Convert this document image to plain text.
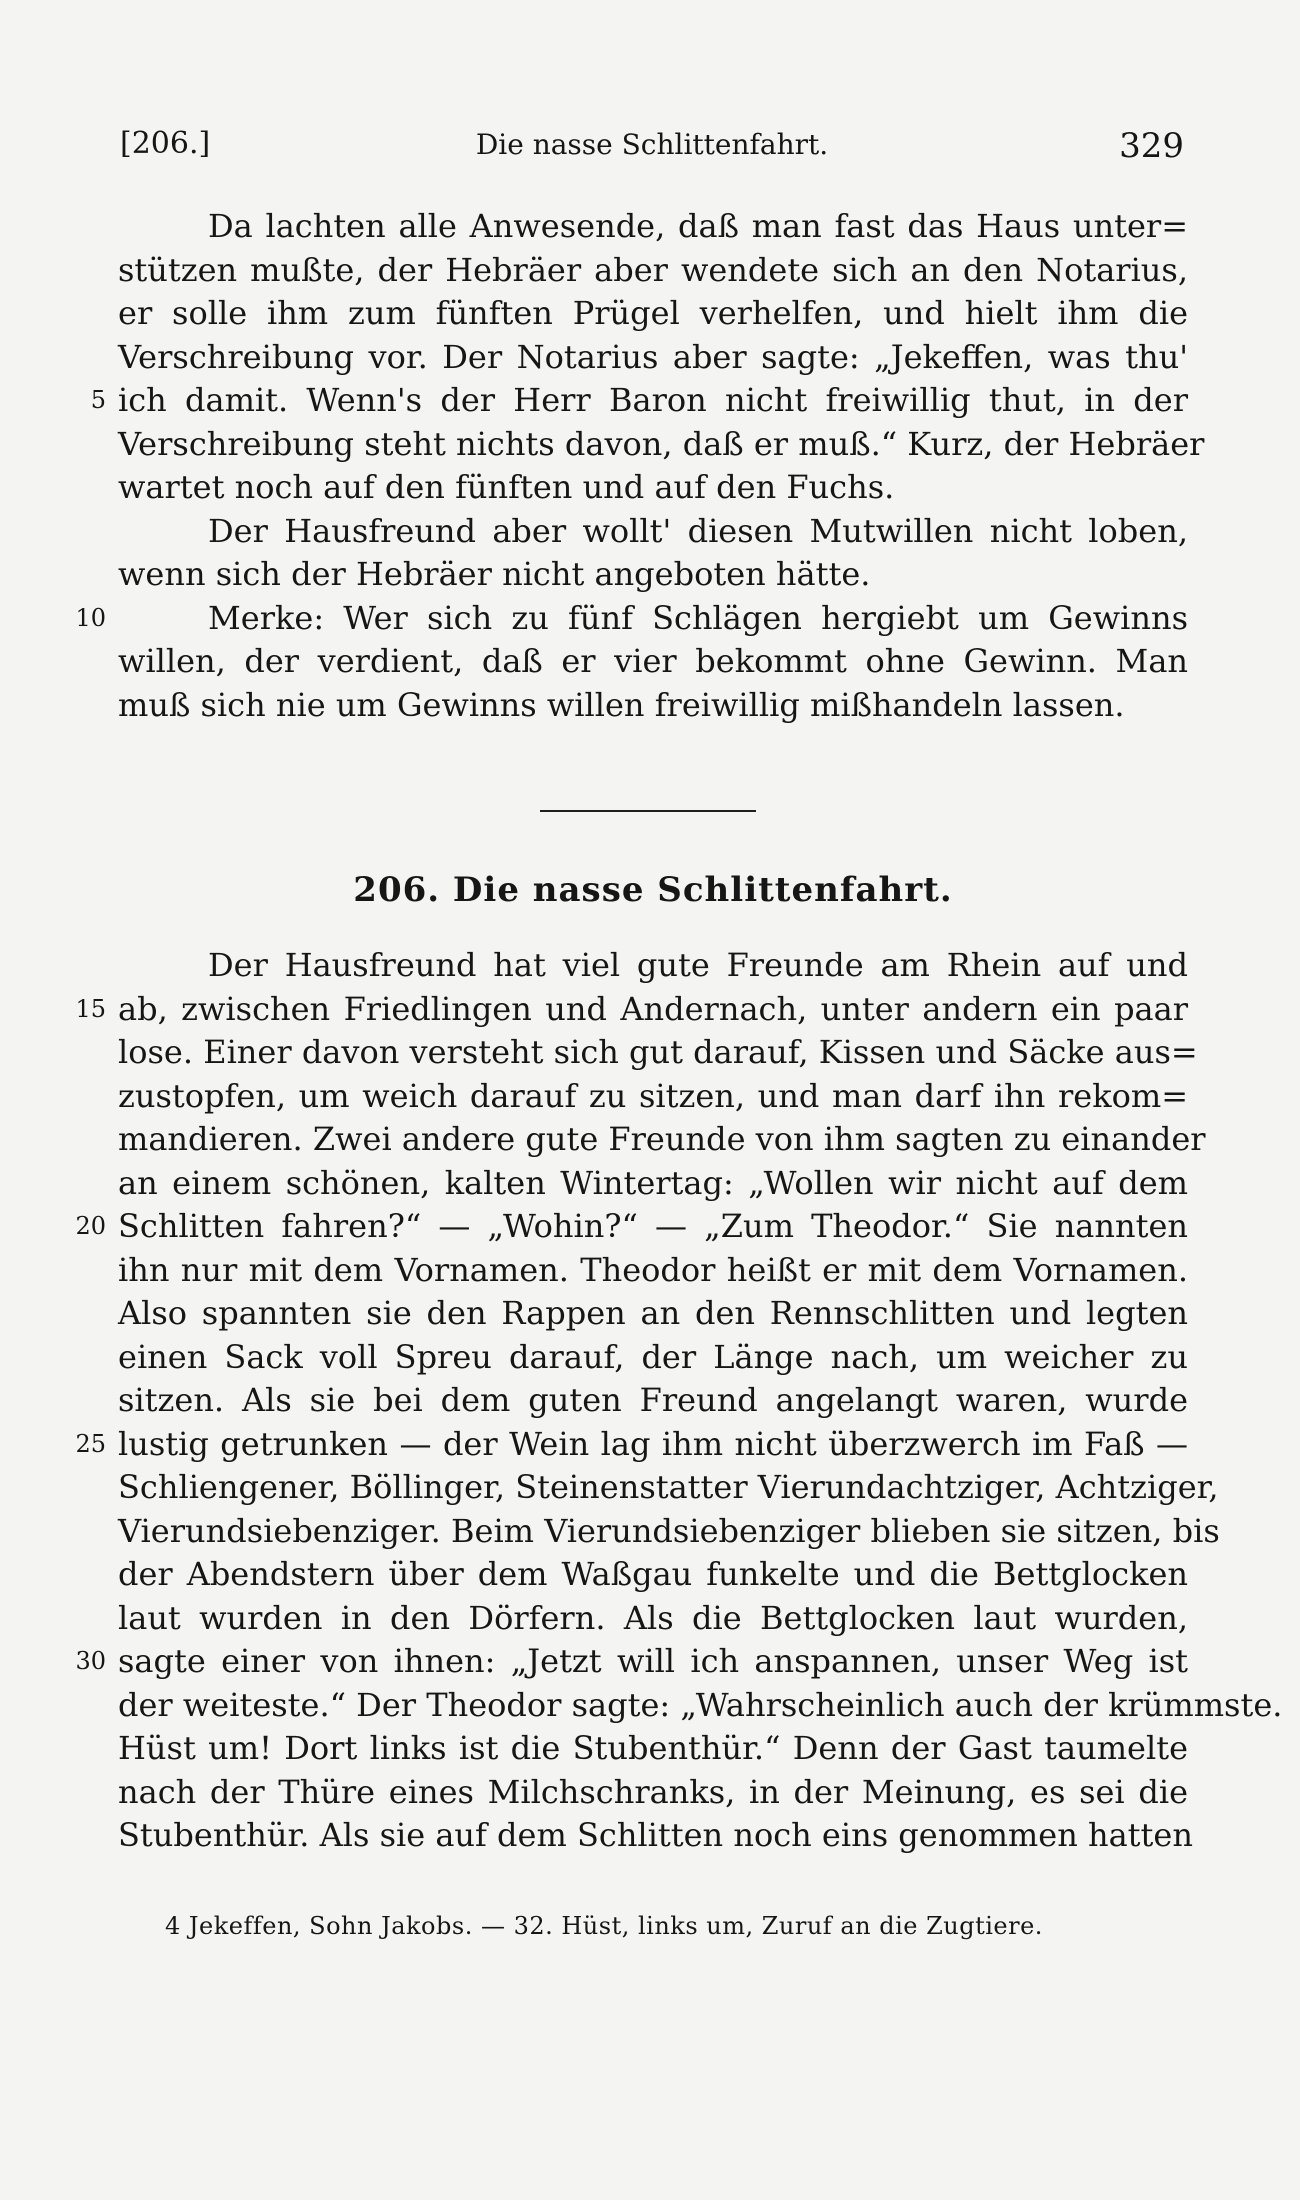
[206.]	Die nasse Schlittenfahrt.	329
Da lachten alle Anwesende, daß man fast das Haus unter=
stützen mußte, der Hebräer aber wendete sich an den Notarius,
er solle ihm zum fünften Prügel verhelfen, und hielt ihm die
Verschreibung vor. Der Notarius aber sagte: „Jekeffen, was thu'
5 ich damit. Wenn's der Herr Baron nicht freiwillig thut, in der
Verschreibung steht nichts davon, daß er muß.“ Kurz, der Hebräer
wartet noch auf den fünften und auf den Fuchs.
Der Hausfreund aber wollt' diesen Mutwillen nicht loben,
wenn sich der Hebräer nicht angeboten hätte.
10	Merke: Wer sich zu fünf Schlägen hergiebt um Gewinns
willen, der verdient, daß er vier bekommt ohne Gewinn. Man
muß sich nie um Gewinns willen freiwillig mißhandeln lassen.
206. Die nasse Schlittenfahrt.
Der Hausfreund hat viel gute Freunde am Rhein auf und
15 ab, zwischen Friedlingen und Andernach, unter andern ein paar
lose. Einer davon versteht sich gut darauf, Kissen und Säcke aus=
zustopfen, um weich darauf zu sitzen, und man darf ihn rekom=
mandieren. Zwei andere gute Freunde von ihm sagten zu einander
an einem schönen, kalten Wintertag: „Wollen wir nicht auf dem
20 Schlitten fahren?“ — „Wohin?“ — „Zum Theodor.“ Sie nannten
ihn nur mit dem Vornamen. Theodor heißt er mit dem Vornamen.
Also spannten sie den Rappen an den Rennschlitten und legten
einen Sack voll Spreu darauf, der Länge nach, um weicher zu
sitzen. Als sie bei dem guten Freund angelangt waren, wurde
25 lustig getrunken — der Wein lag ihm nicht überzwerch im Faß —
Schliengener, Böllinger, Steinenstatter Vierundachtziger, Achtziger,
Vierundsiebenziger. Beim Vierundsiebenziger blieben sie sitzen, bis
der Abendstern über dem Waßgau funkelte und die Bettglocken
laut wurden in den Dörfern. Als die Bettglocken laut wurden,
30 sagte einer von ihnen: „Jetzt will ich anspannen, unser Weg ist
der weiteste.“ Der Theodor sagte: „Wahrscheinlich auch der krümmste.
Hüst um! Dort links ist die Stubenthür.“ Denn der Gast taumelte
nach der Thüre eines Milchschranks, in der Meinung, es sei die
Stubenthür. Als sie auf dem Schlitten noch eins genommen hatten
4 Jekeffen, Sohn Jakobs. — 32. Hüst, links um, Zuruf an die Zugtiere.
